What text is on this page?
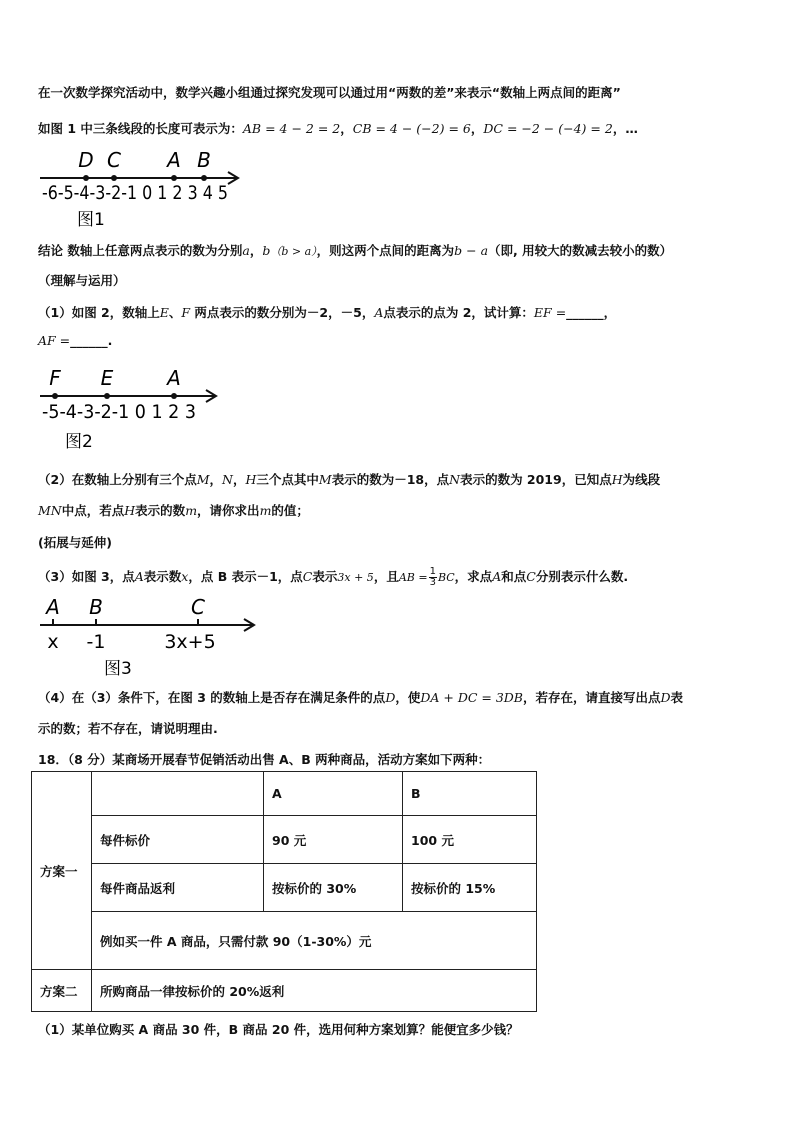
在一次数学探究活动中，数学兴趣小组通过探究发现可以通过用“两数的差”来表示“数轴上两点间的距离”
如图 1 中三条线段的长度可表示为：AB = 4 − 2 = 2，CB = 4 − (−2) = 6，DC = −2 − (−4) = 2，…
D C A B
-6-5-4-3-2-1 0 1 2 3 4 5
图1
结论 数轴上任意两点表示的数为分别a，b（b > a），则这两个点间的距离为b − a（即, 用较大的数减去较小的数）
（理解与运用）
（1）如图 2，数轴上E、F 两点表示的数分别为－2，－5，A点表示的点为 2，试计算：EF =______，
AF =______.
F E	A
-5-4-3-2-1 0 1 2 3
图2
（2）在数轴上分别有三个点M，N，H三个点其中M表示的数为－18，点N表示的数为 2019，已知点H为线段
MN中点，若点H表示的数m，请你求出m的值；
(拓展与延伸)
（3）如图 3，点A表示数x，点 B 表示－1，点C表示3x + 5，且AB = $\frac{1}{3}$ BC，求点A和点C分别表示什么数.
A B	C
x -1	3x+5
图3
（4）在（3）条件下，在图 3 的数轴上是否存在满足条件的点D，使DA + DC = 3DB，若存在，请直接写出点D表
示的数；若不存在，请说明理由.
18．（8 分）某商场开展春节促销活动出售 A、B 两种商品，活动方案如下两种：
方案一		A	B
	每件标价	90 元	100 元
	每件商品返利	按标价的 30%	按标价的 15%
	例如买一件 A 商品，只需付款 90（1-30%）元		
方案二	所购商品一律按标价的 20%返利		
（1）某单位购买 A 商品 30 件，B 商品 20 件，选用何种方案划算？能便宜多少钱？
